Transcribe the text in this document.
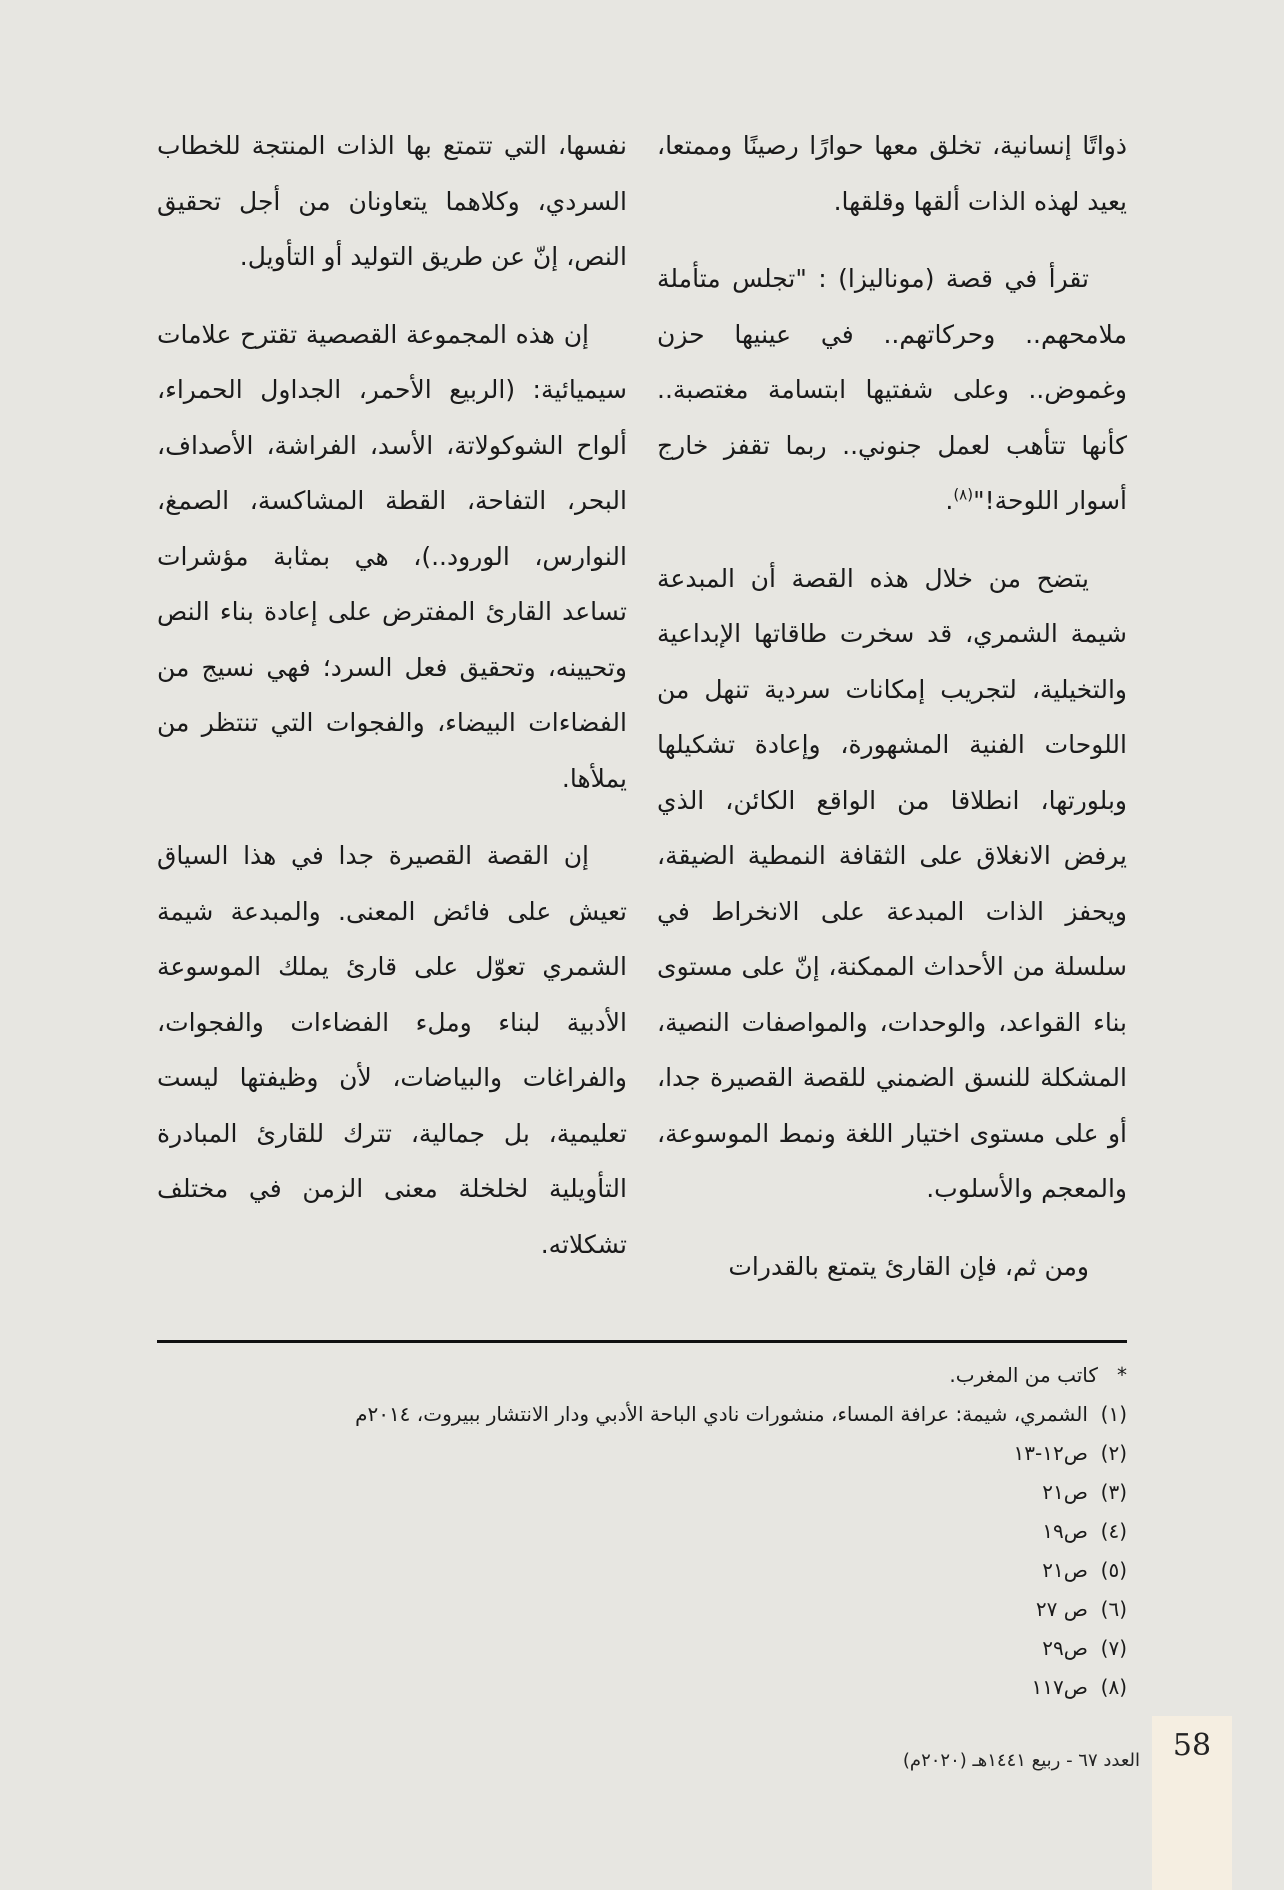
ذواتًا إنسانية، تخلق معها حوارًا رصينًا وممتعا، يعيد لهذه الذات ألقها وقلقها.

تقرأ في قصة (موناليزا) : "تجلس متأملة ملامحهم.. وحركاتهم.. في عينيها حزن وغموض.. وعلى شفتيها ابتسامة مغتصبة.. كأنها تتأهب لعمل جنوني.. ربما تقفز خارج أسوار اللوحة!"$^{(٨)}$.

يتضح من خلال هذه القصة أن المبدعة شيمة الشمري، قد سخرت طاقاتها الإبداعية والتخيلية، لتجريب إمكانات سردية تنهل من اللوحات الفنية المشهورة، وإعادة تشكيلها وبلورتها، انطلاقا من الواقع الكائن، الذي يرفض الانغلاق على الثقافة النمطية الضيقة، ويحفز الذات المبدعة على الانخراط في سلسلة من الأحداث الممكنة، إنّ على مستوى بناء القواعد، والوحدات، والمواصفات النصية، المشكلة للنسق الضمني للقصة القصيرة جدا، أو على مستوى اختيار اللغة ونمط الموسوعة، والمعجم والأسلوب.

ومن ثم، فإن القارئ يتمتع بالقدرات

نفسها، التي تتمتع بها الذات المنتجة للخطاب السردي، وكلاهما يتعاونان من أجل تحقيق النص، إنّ عن طريق التوليد أو التأويل.

إن هذه المجموعة القصصية تقترح علامات سيميائية: (الربيع الأحمر، الجداول الحمراء، ألواح الشوكولاتة، الأسد، الفراشة، الأصداف، البحر، التفاحة، القطة المشاكسة، الصمغ، النوارس، الورود..)، هي بمثابة مؤشرات تساعد القارئ المفترض على إعادة بناء النص وتحيينه، وتحقيق فعل السرد؛ فهي نسيج من الفضاءات البيضاء، والفجوات التي تنتظر من يملأها.

إن القصة القصيرة جدا في هذا السياق تعيش على فائض المعنى. والمبدعة شيمة الشمري تعوّل على قارئ يملك الموسوعة الأدبية لبناء وملء الفضاءات والفجوات، والفراغات والبياضات، لأن وظيفتها ليست تعليمية، بل جمالية، تترك للقارئ المبادرة التأويلية لخلخلة معنى الزمن في مختلف تشكلاته.

*   كاتب من المغرب.
(١)  الشمري، شيمة: عرافة المساء، منشورات نادي الباحة الأدبي ودار الانتشار ببيروت، ٢٠١٤م
(٢)  ص١٢-١٣
(٣)  ص٢١
(٤)  ص١٩
(٥)  ص٢١
(٦)  ص ٢٧
(٧)  ص٢٩
(٨)  ص١١٧
58
العدد ٦٧ - ربيع ١٤٤١هـ (٢٠٢٠م)
